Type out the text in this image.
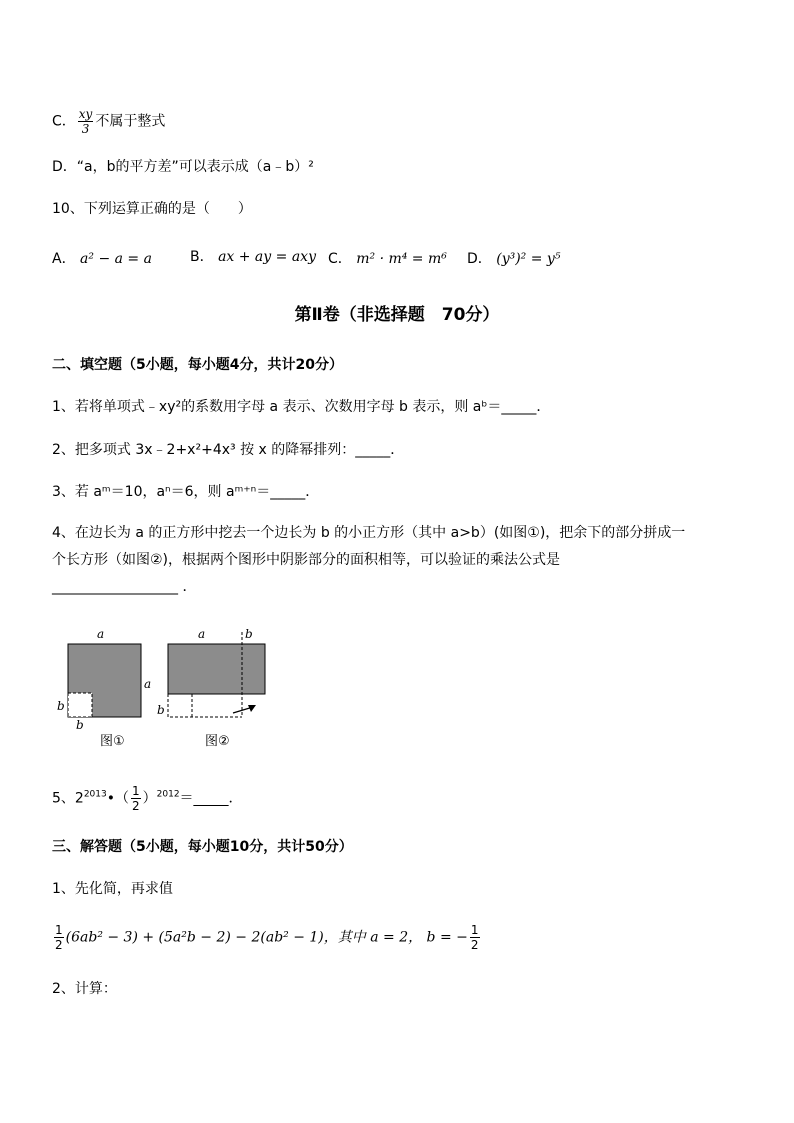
C． $\frac{xy}{3}$ 不属于整式
D．“a，b的平方差”可以表示成（a﹣b）²
10、下列运算正确的是（　　）
A． a² − a = a	B． ax + ay = axy C． m² · m⁴ = m⁶ D． (y³)² = y⁵
第Ⅱ卷（非选择题　70分）
二、填空题（5小题，每小题4分，共计20分）
1、若将单项式﹣xy²的系数用字母 a 表示、次数用字母 b 表示，则 aᵇ＝_____．
2、把多项式 3x﹣2+x²+4x³ 按 x 的降幂排列：_____．
3、若 aᵐ＝10，aⁿ＝6，则 aᵐ⁺ⁿ＝_____．
4、在边长为 a 的正方形中挖去一个边长为 b 的小正方形（其中 a>b）(如图①)，把余下的部分拼成一
个长方形（如图②)，根据两个图形中阴影部分的面积相等，可以验证的乘法公式是
__________________ ．
a
a
b
b
图①
a	b
b
图②
5、$2^{2013}•( \frac{1}{2}$ ）$^{2012}$＝_____．
三、解答题（5小题，每小题10分，共计50分）
1、先化简，再求值
$\frac{1}{2} (6ab^2 - 3) + (5a^2b - 2) - 2(ab^2 - 1)$，其中 a = 2， b = − $\frac{1}{2}$
2、计算：
